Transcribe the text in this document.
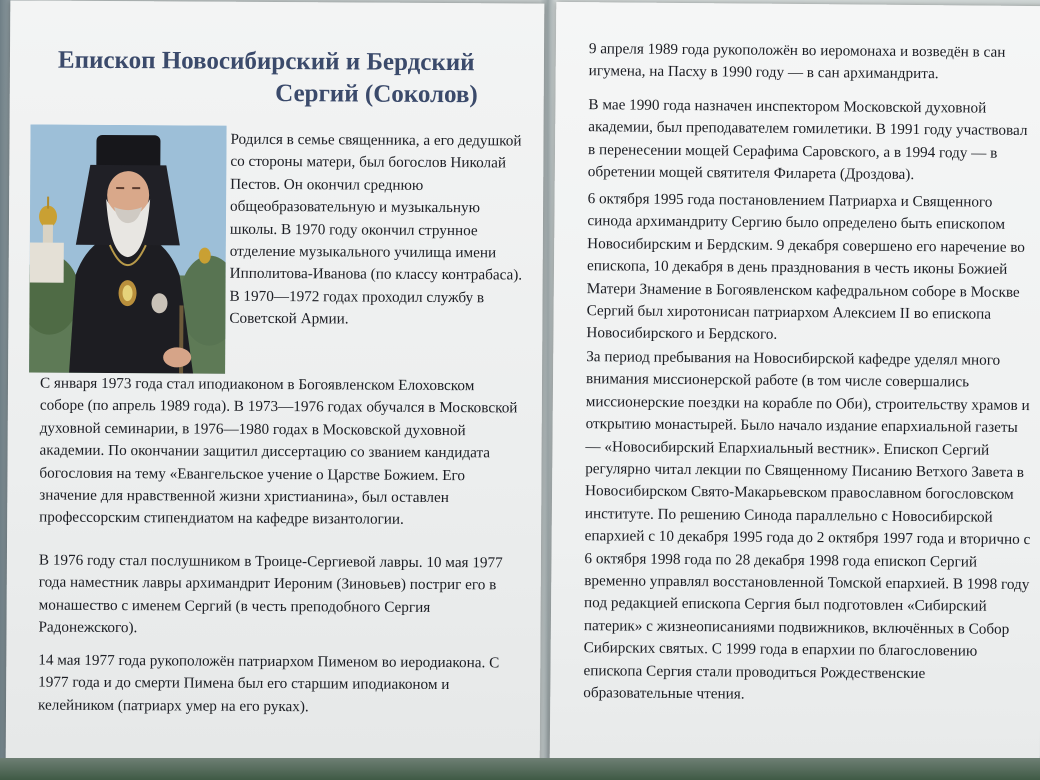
Епископ Новосибирский и Бердский
Сергий (Соколов)

Родился в семье священника, а его дедушкой со стороны матери, был богослов Николай Пестов. Он окончил среднюю общеобразовательную и музыкальную школы. В 1970 году окончил струнное отделение музыкального училища имени Ипполитова-Иванова (по классу контрабаса). В 1970—1972 годах проходил службу в Советской Армии.

С января 1973 года стал иподиаконом в Богоявленском Елоховском соборе (по апрель 1989 года). В 1973—1976 годах обучался в Московской духовной семинарии, в 1976—1980 годах в Московской духовной академии. По окончании защитил диссертацию со званием кандидата богословия на тему «Евангельское учение о Царстве Божием. Его значение для нравственной жизни христианина», был оставлен профессорским стипендиатом на кафедре византологии.

В 1976 году стал послушником в Троице-Сергиевой лавры. 10 мая 1977 года наместник лавры архимандрит Иероним (Зиновьев) постриг его в монашество с именем Сергий (в честь преподобного Сергия Радонежского).

14 мая 1977 года рукоположён патриархом Пименом во иеродиакона. С 1977 года и до смерти Пимена был его старшим иподиаконом и келейником (патриарх умер на его руках).

9 апреля 1989 года рукоположён во иеромонаха и возведён в сан игумена, на Пасху в 1990 году — в сан архимандрита.

В мае 1990 года назначен инспектором Московской духовной академии, был преподавателем гомилетики. В 1991 году участвовал в перенесении мощей Серафима Саровского, а в 1994 году — в обретении мощей святителя Филарета (Дроздова).

6 октября 1995 года постановлением Патриарха и Священного синода архимандриту Сергию было определено быть епископом Новосибирским и Бердским. 9 декабря совершено его наречение во епископа, 10 декабря в день празднования в честь иконы Божией Матери Знамение в Богоявленском кафедральном соборе в Москве Сергий был хиротонисан патриархом Алексием II во епископа Новосибирского и Бердского.

За период пребывания на Новосибирской кафедре уделял много внимания миссионерской работе (в том числе совершались миссионерские поездки на корабле по Оби), строительству храмов и открытию монастырей. Было начало издание епархиальной газеты — «Новосибирский Епархиальный вестник». Епископ Сергий регулярно читал лекции по Священному Писанию Ветхого Завета в Новосибирском Свято-Макарьевском православном богословском институте. По решению Синода параллельно с Новосибирской епархией с 10 декабря 1995 года до 2 октября 1997 года и вторично с 6 октября 1998 года по 28 декабря 1998 года епископ Сергий временно управлял восстановленной Томской епархией. В 1998 году под редакцией епископа Сергия был подготовлен «Сибирский патерик» с жизнеописаниями подвижников, включённых в Собор Сибирских святых. С 1999 года в епархии по благословению епископа Сергия стали проводиться Рождественские образовательные чтения.
